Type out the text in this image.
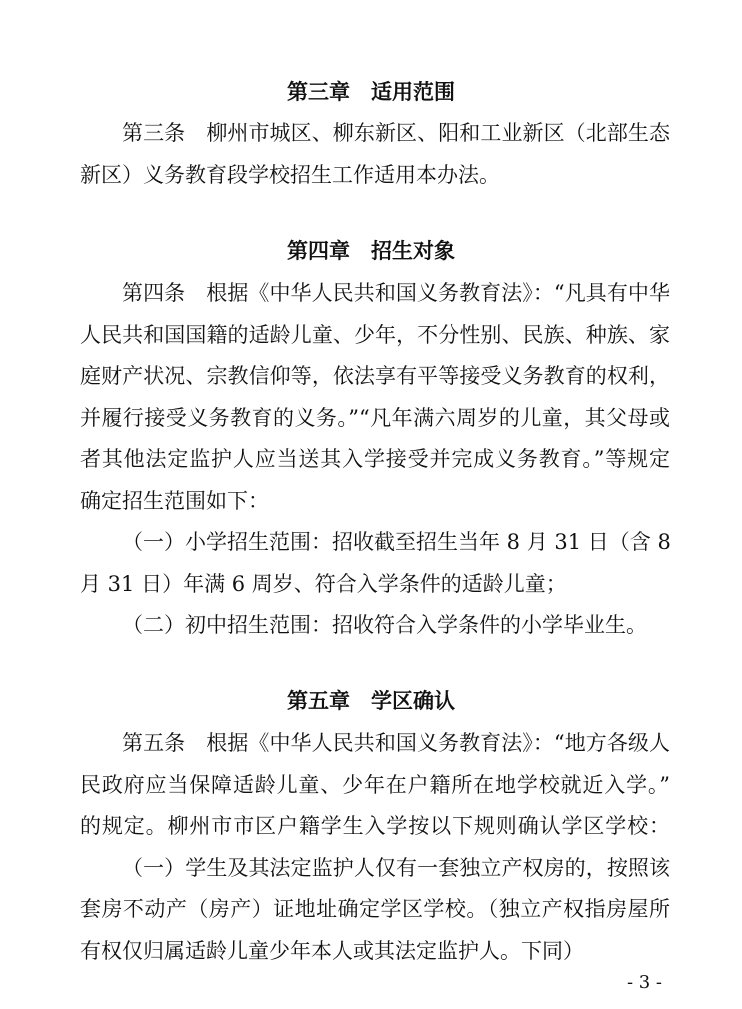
第三章　适用范围
第三条　柳州市城区、柳东新区、阳和工业新区（北部生态
新区）义务教育段学校招生工作适用本办法。
第四章　招生对象
第四条　根据《中华人民共和国义务教育法》：“凡具有中华
人民共和国国籍的适龄儿童、少年，不分性别、民族、种族、家
庭财产状况、宗教信仰等，依法享有平等接受义务教育的权利，
并履行接受义务教育的义务。”“凡年满六周岁的儿童，其父母或
者其他法定监护人应当送其入学接受并完成义务教育。”等规定
确定招生范围如下：
（一）小学招生范围：招收截至招生当年 8 月 31 日（含 8
月 31 日）年满 6 周岁、符合入学条件的适龄儿童；
（二）初中招生范围：招收符合入学条件的小学毕业生。
第五章　学区确认
第五条　根据《中华人民共和国义务教育法》：“地方各级人
民政府应当保障适龄儿童、少年在户籍所在地学校就近入学。”
的规定。柳州市市区户籍学生入学按以下规则确认学区学校：
（一）学生及其法定监护人仅有一套独立产权房的，按照该
套房不动产（房产）证地址确定学区学校。（独立产权指房屋所
有权仅归属适龄儿童少年本人或其法定监护人。下同）
- 3 -
